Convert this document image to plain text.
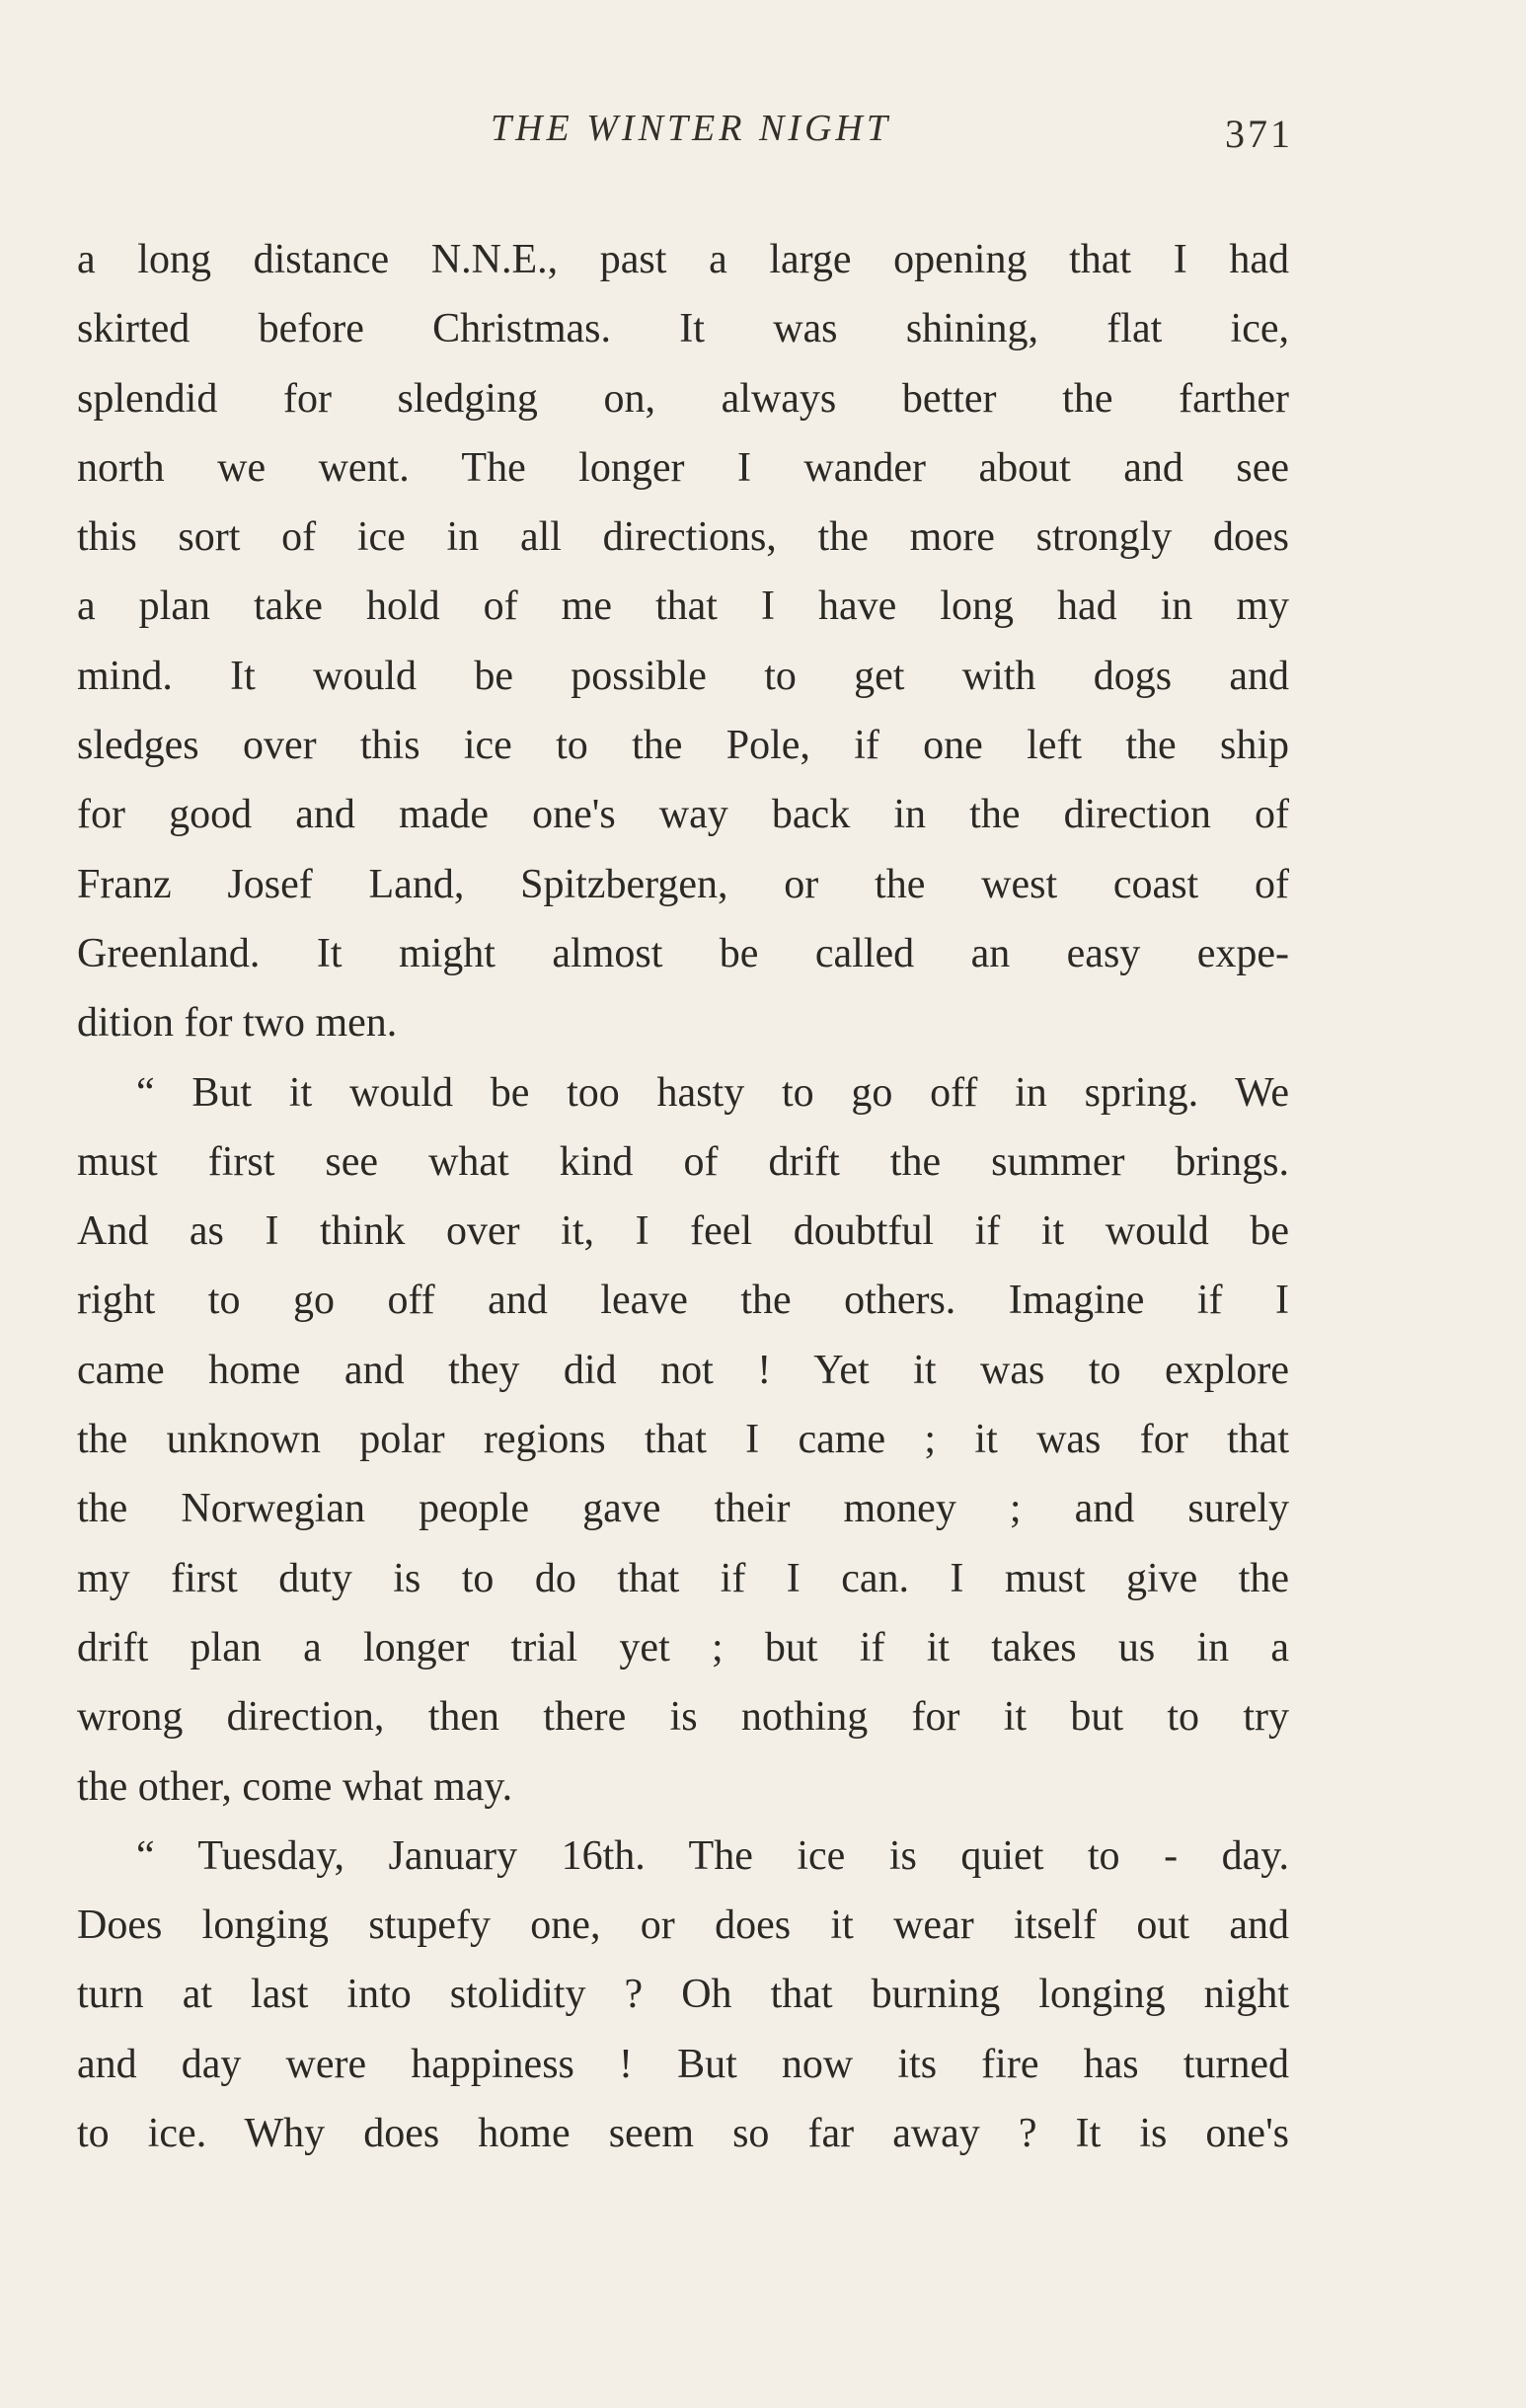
THE WINTER NIGHT	371
a long distance N.N.E., past a large opening that I had
skirted before Christmas. It was shining, flat ice,
splendid for sledging on, always better the farther
north we went. The longer I wander about and see
this sort of ice in all directions, the more strongly does
a plan take hold of me that I have long had in my
mind. It would be possible to get with dogs and
sledges over this ice to the Pole, if one left the ship
for good and made one's way back in the direction of
Franz Josef Land, Spitzbergen, or the west coast of
Greenland. It might almost be called an easy expe-
dition for two men.
“ But it would be too hasty to go off in spring. We
must first see what kind of drift the summer brings.
And as I think over it, I feel doubtful if it would be
right to go off and leave the others. Imagine if I
came home and they did not ! Yet it was to explore
the unknown polar regions that I came ; it was for that
the Norwegian people gave their money ; and surely
my first duty is to do that if I can. I must give the
drift plan a longer trial yet ; but if it takes us in a
wrong direction, then there is nothing for it but to try
the other, come what may.
“ Tuesday, January 16th. The ice is quiet to - day.
Does longing stupefy one, or does it wear itself out and
turn at last into stolidity ? Oh that burning longing night
and day were happiness ! But now its fire has turned
to ice. Why does home seem so far away ? It is one's
